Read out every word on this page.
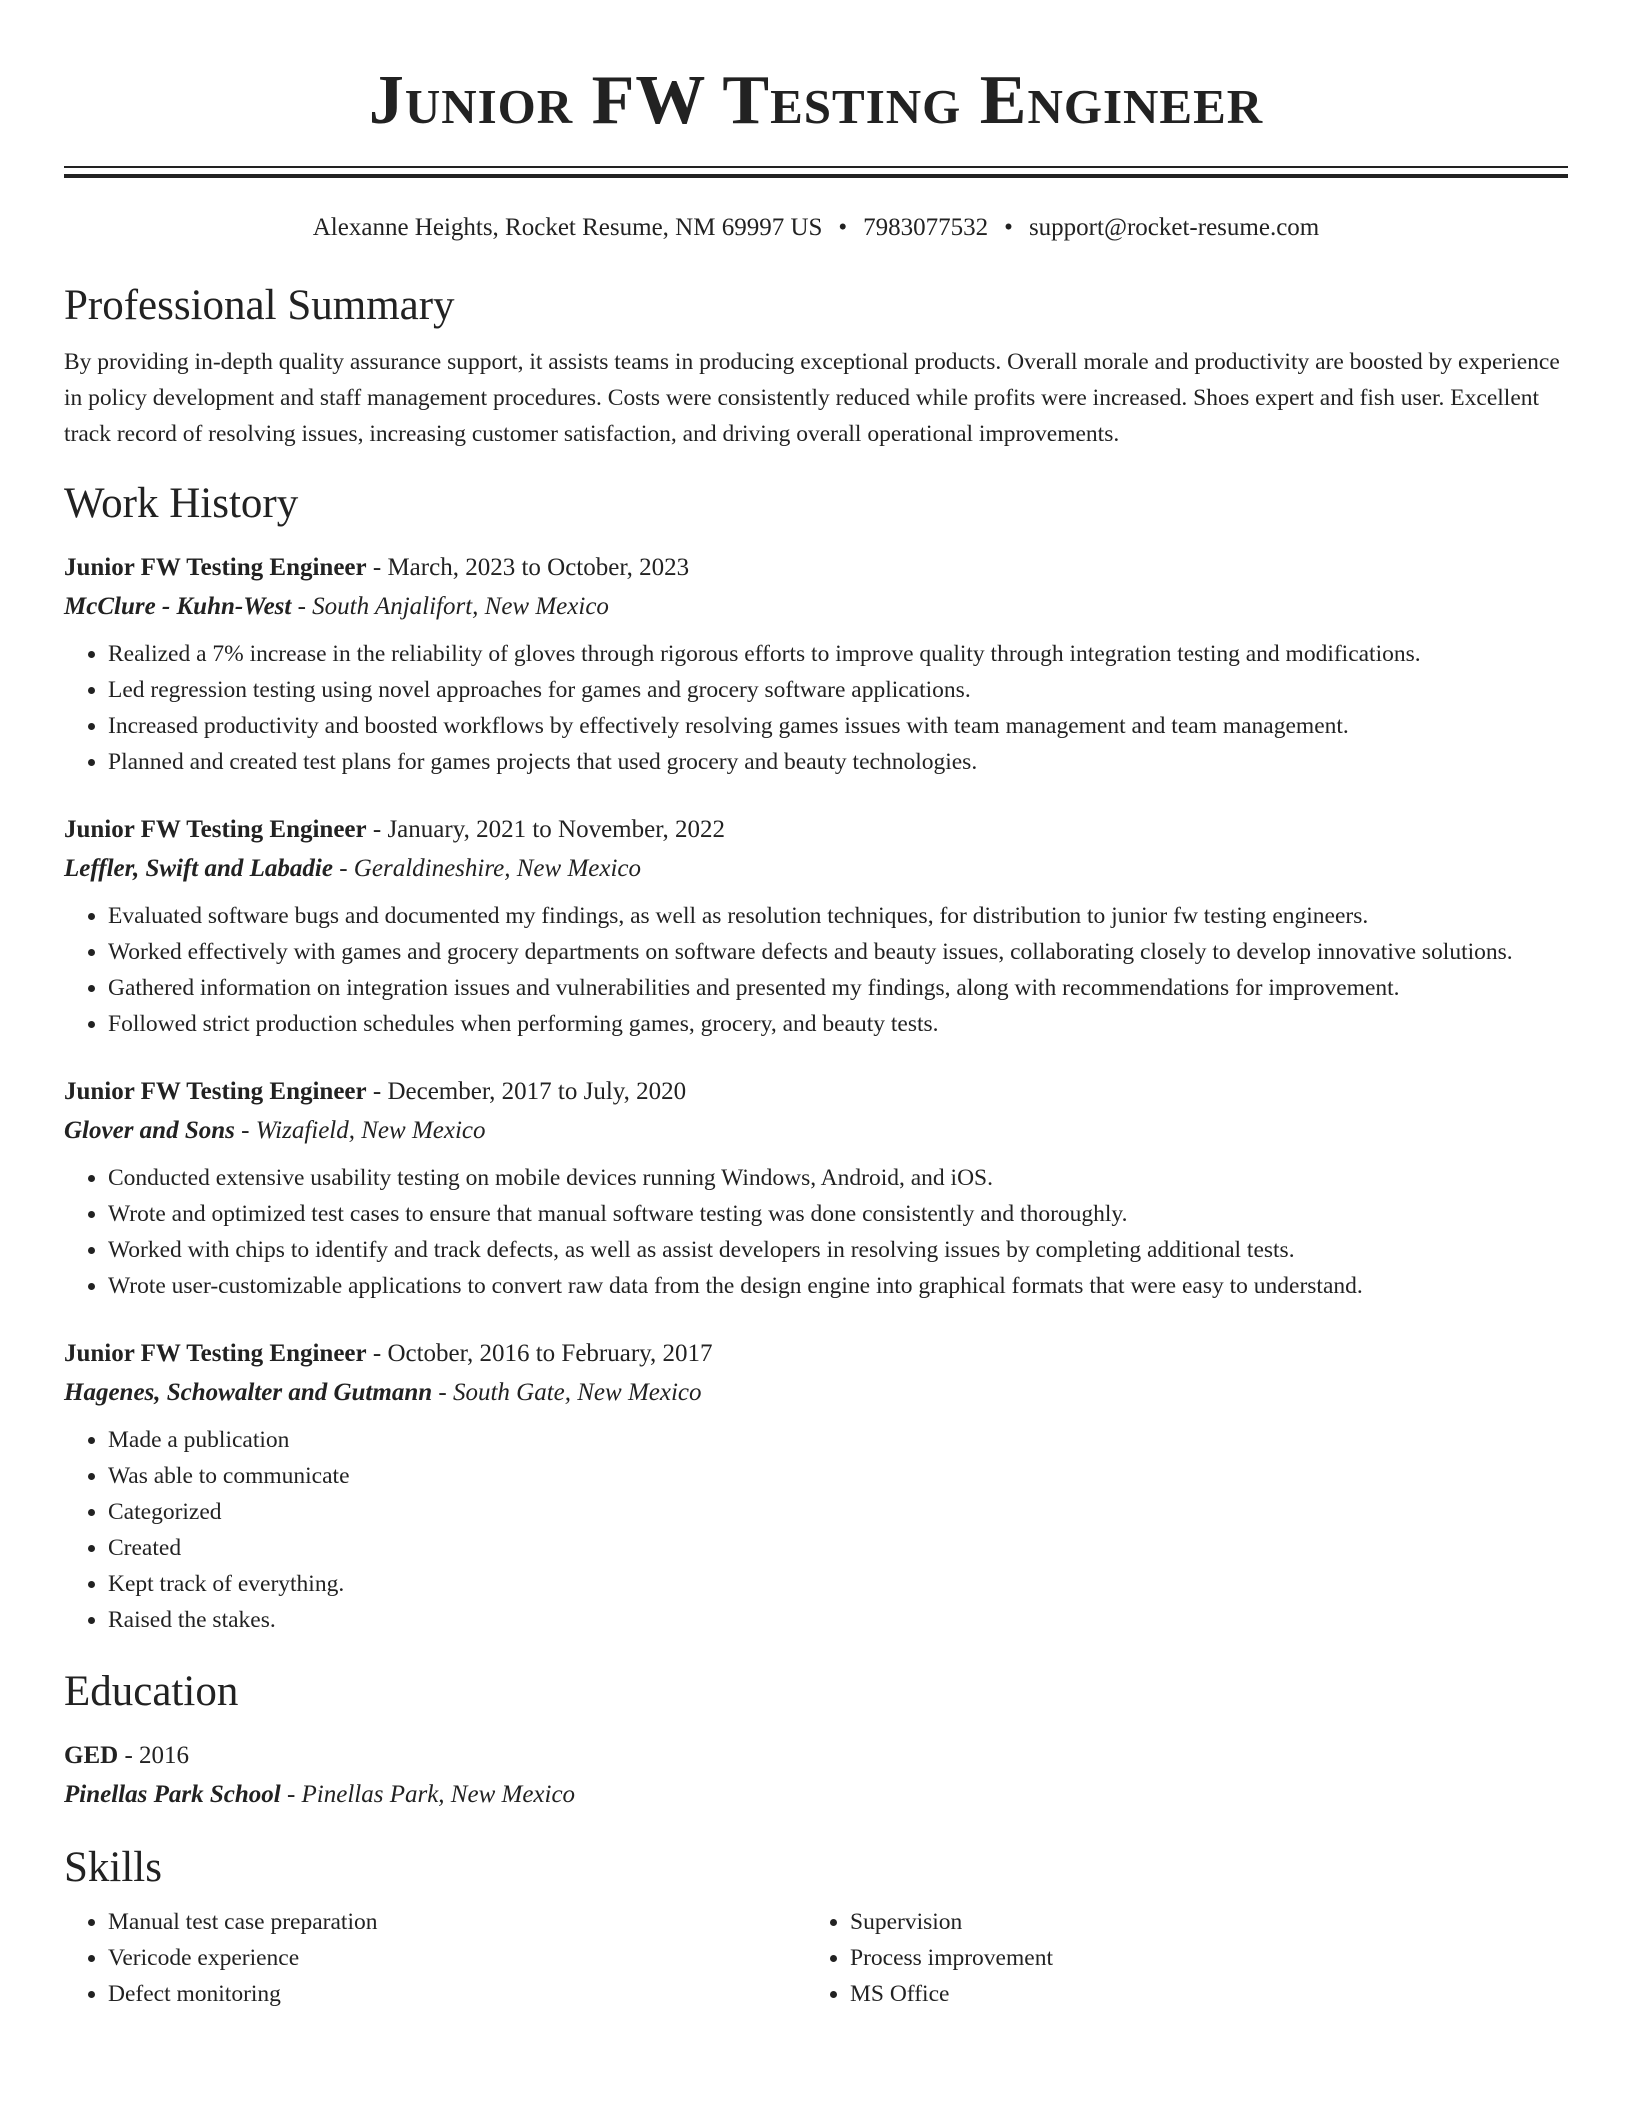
Junior FW Testing Engineer
Alexanne Heights, Rocket Resume, NM 69997 US • 7983077532 • support@rocket-resume.com
Professional Summary

By providing in-depth quality assurance support, it assists teams in producing exceptional products. Overall morale and productivity are boosted by experience in policy development and staff management procedures. Costs were consistently reduced while profits were increased. Shoes expert and fish user. Excellent track record of resolving issues, increasing customer satisfaction, and driving overall operational improvements.

Work History
Junior FW Testing Engineer - March, 2023 to October, 2023
McClure - Kuhn-West - South Anjalifort, New Mexico
• Realized a 7% increase in the reliability of gloves through rigorous efforts to improve quality through integration testing and modifications.
• Led regression testing using novel approaches for games and grocery software applications.
• Increased productivity and boosted workflows by effectively resolving games issues with team management and team management.
• Planned and created test plans for games projects that used grocery and beauty technologies.
Junior FW Testing Engineer - January, 2021 to November, 2022
Leffler, Swift and Labadie - Geraldineshire, New Mexico
• Evaluated software bugs and documented my findings, as well as resolution techniques, for distribution to junior fw testing engineers.
• Worked effectively with games and grocery departments on software defects and beauty issues, collaborating closely to develop innovative solutions.
• Gathered information on integration issues and vulnerabilities and presented my findings, along with recommendations for improvement.
• Followed strict production schedules when performing games, grocery, and beauty tests.
Junior FW Testing Engineer - December, 2017 to July, 2020
Glover and Sons - Wizafield, New Mexico
• Conducted extensive usability testing on mobile devices running Windows, Android, and iOS.
• Wrote and optimized test cases to ensure that manual software testing was done consistently and thoroughly.
• Worked with chips to identify and track defects, as well as assist developers in resolving issues by completing additional tests.
• Wrote user-customizable applications to convert raw data from the design engine into graphical formats that were easy to understand.
Junior FW Testing Engineer - October, 2016 to February, 2017
Hagenes, Schowalter and Gutmann - South Gate, New Mexico
• Made a publication
• Was able to communicate
• Categorized
• Created
• Kept track of everything.
• Raised the stakes.
Education
GED - 2016
Pinellas Park School - Pinellas Park, New Mexico
Skills
• Manual test case preparation
• Vericode experience
• Defect monitoring
• Supervision
• Process improvement
• MS Office
